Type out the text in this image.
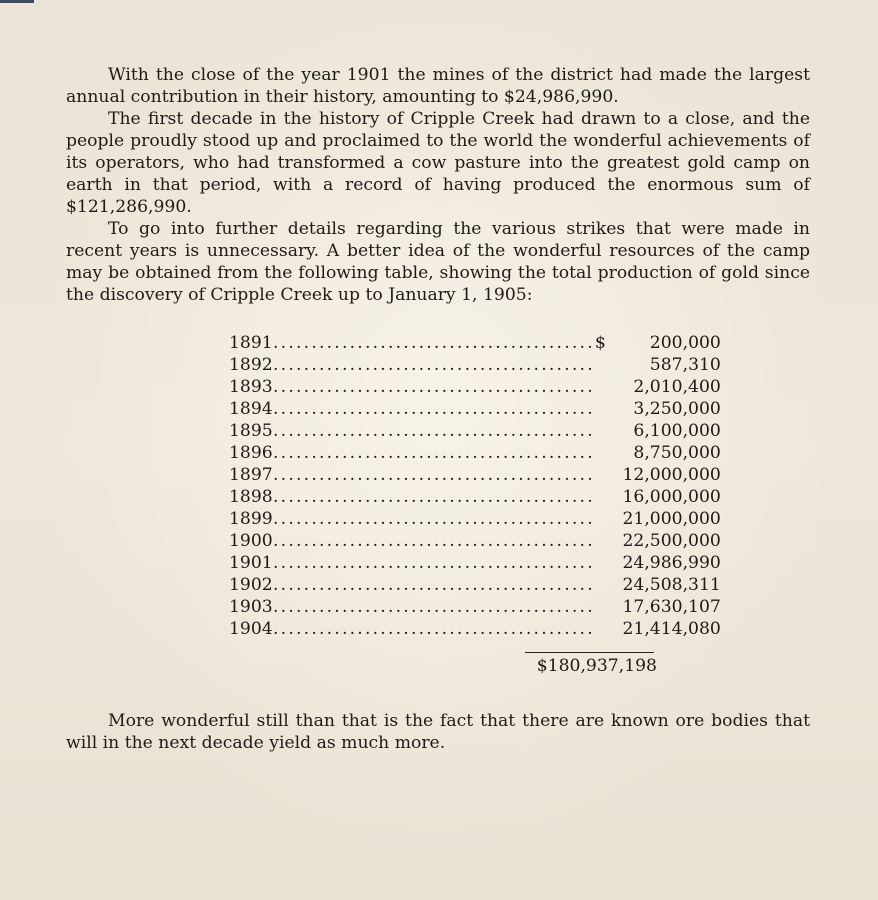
With the close of the year 1901 the mines of the district had made the largest annual contribution in their history, amounting to $24,986,990.

The first decade in the history of Cripple Creek had drawn to a close, and the people proudly stood up and proclaimed to the world the wonderful achievements of its operators, who had transformed a cow pasture into the greatest gold camp on earth in that period, with a record of having produced the enormous sum of $121,286,990.

To go into further details regarding the various strikes that were made in recent years is unnecessary. A better idea of the wonderful resources of the camp may be obtained from the following table, showing the total production of gold since the discovery of Cripple Creek up to January 1, 1905:

1891 .......................................... $	200,000
1892 ..........................................	587,310
1893 ..........................................	2,010,400
1894 ..........................................	3,250,000
1895 ..........................................	6,100,000
1896 ..........................................	8,750,000
1897 ..........................................	12,000,000
1898 ..........................................	16,000,000
1899 ..........................................	21,000,000
1900 ..........................................	22,500,000
1901 ..........................................	24,986,990
1902 ..........................................	24,508,311
1903 ..........................................	17,630,107
1904 ..........................................	21,414,080
$180,937,198

More wonderful still than that is the fact that there are known ore bodies that will in the next decade yield as much more.
